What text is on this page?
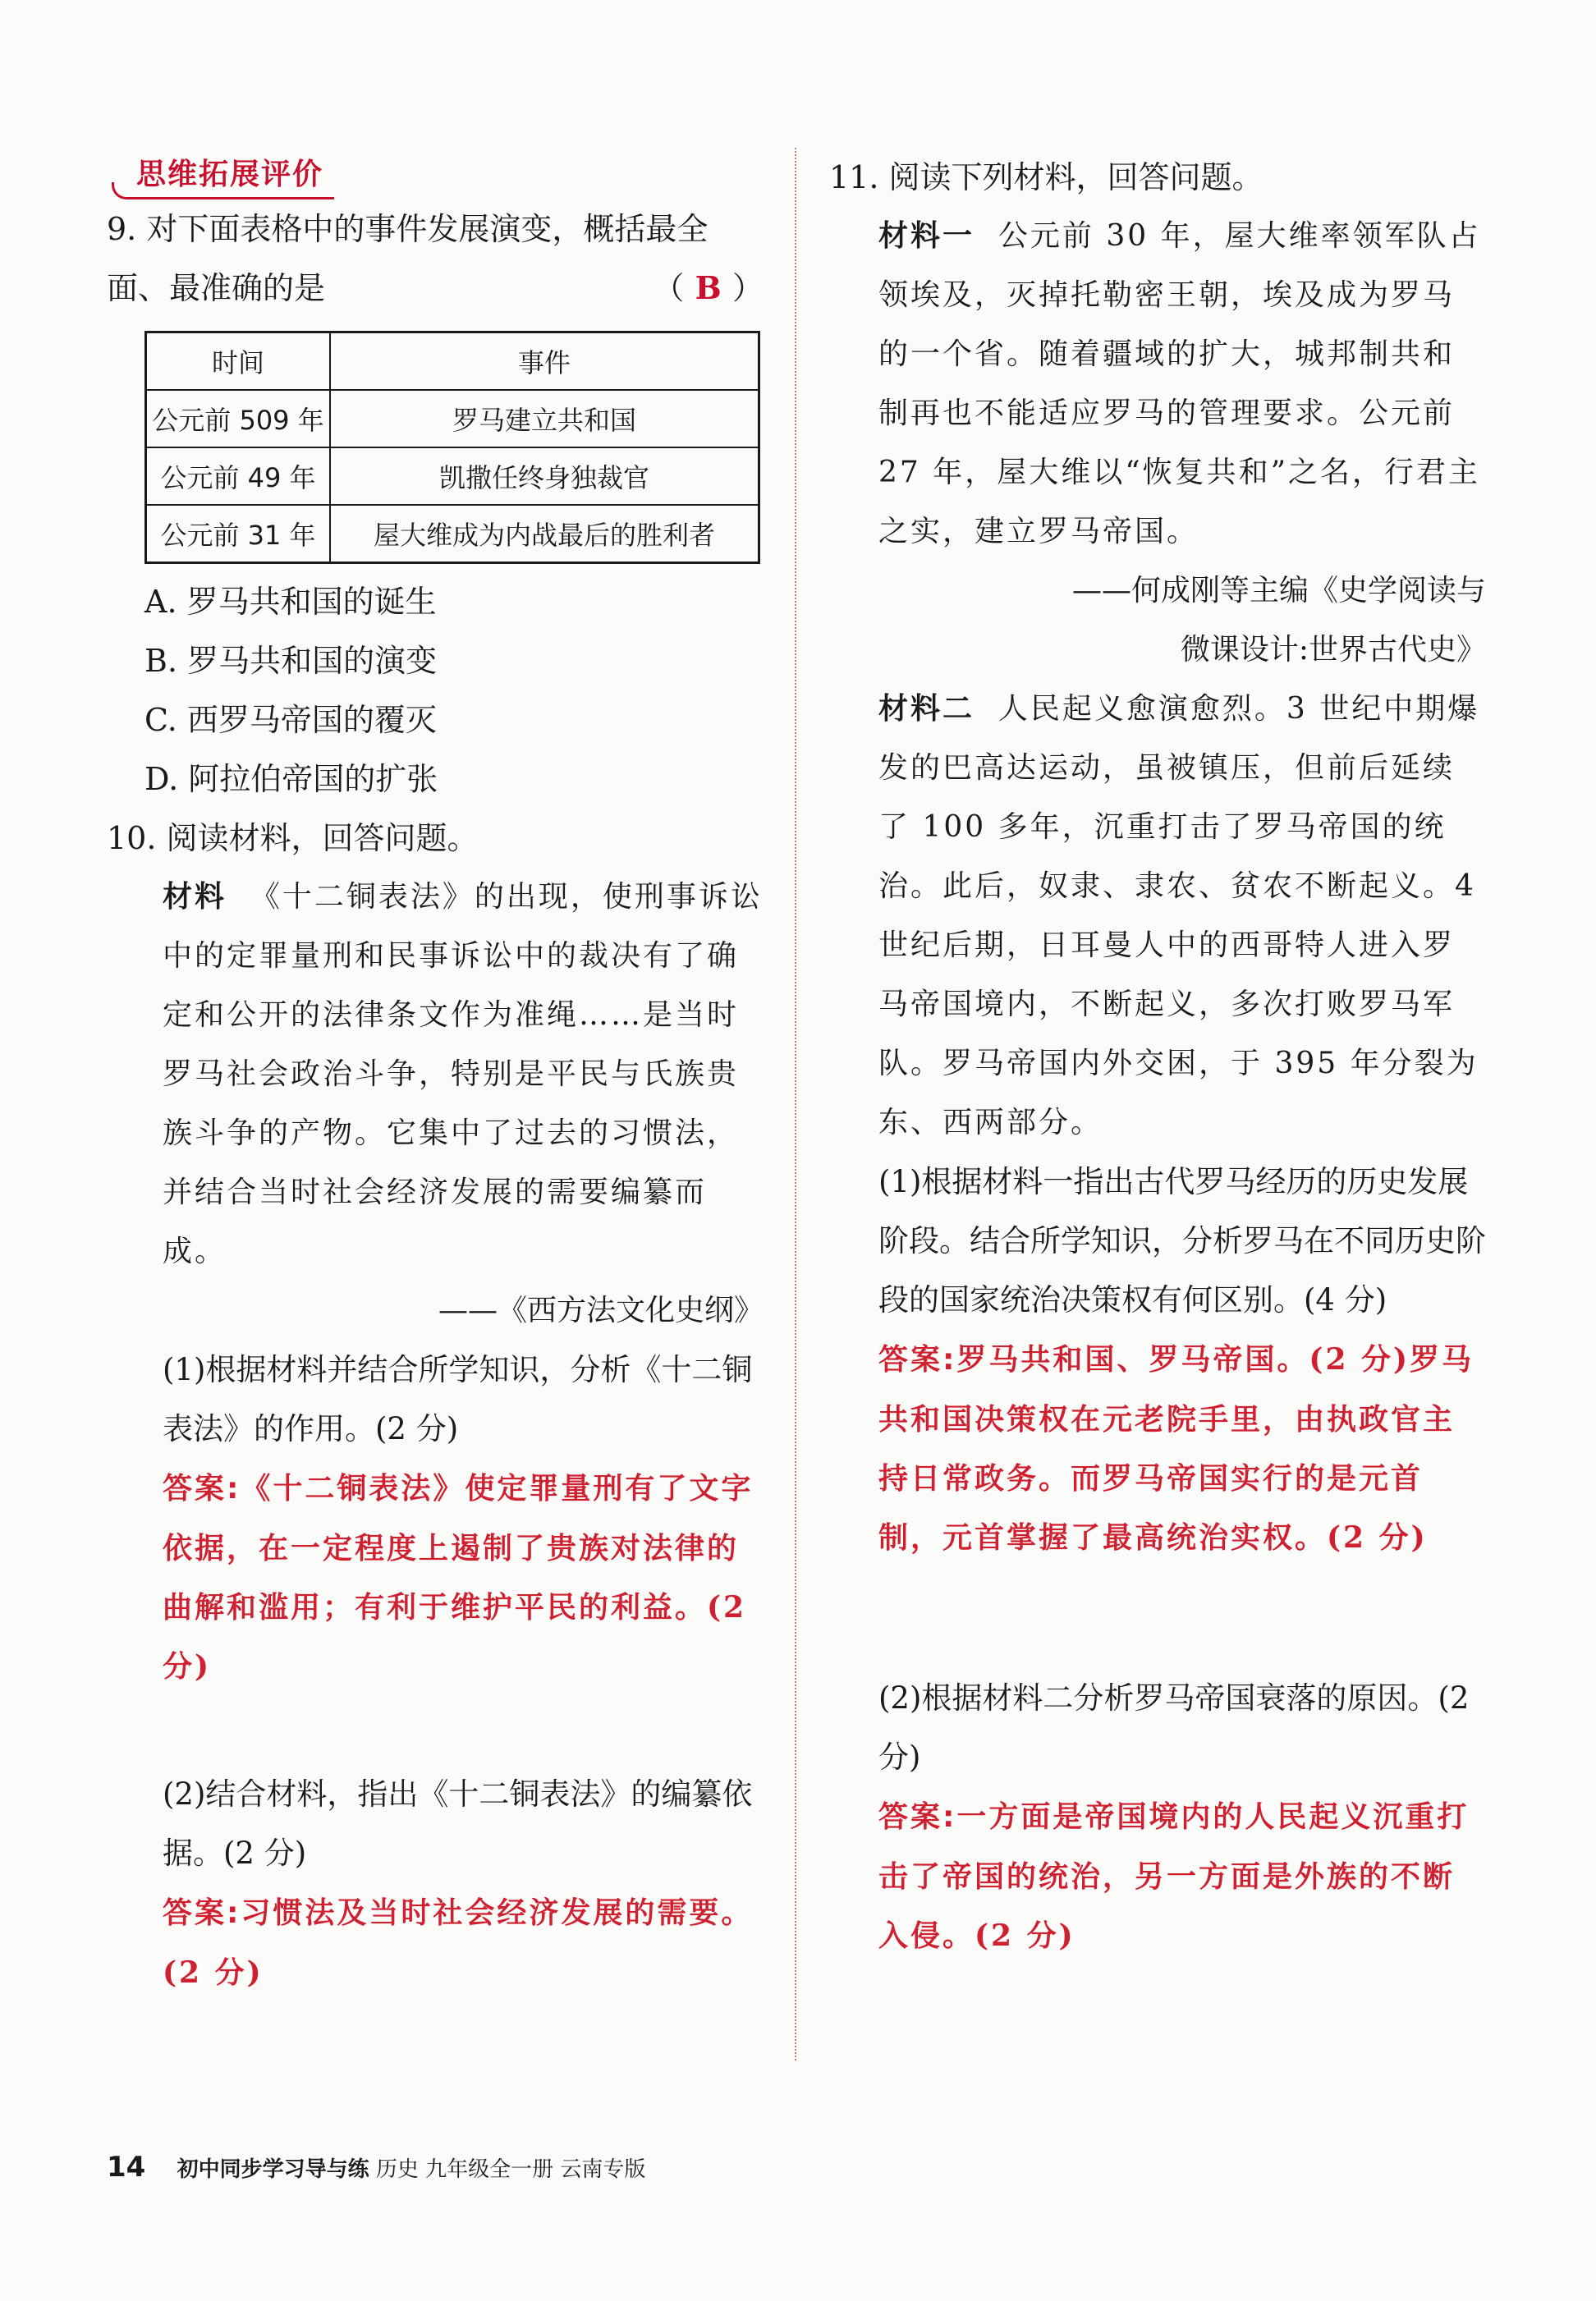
思维拓展评价

9. 对下面表格中的事件发展演变，概括最全

面、最准确的是	（ B ）

时间	事件
公元前 509 年	罗马建立共和国
公元前 49 年	凯撒任终身独裁官
公元前 31 年	屋大维成为内战最后的胜利者
A. 罗马共和国的诞生
B. 罗马共和国的演变
C. 西罗马帝国的覆灭
D. 阿拉伯帝国的扩张

10. 阅读材料，回答问题。

材料 《十二铜表法》的出现，使刑事诉讼中的定罪量刑和民事诉讼中的裁决有了确定和公开的法律条文作为准绳……是当时罗马社会政治斗争，特别是平民与氏族贵族斗争的产物。它集中了过去的习惯法，并结合当时社会经济发展的需要编纂而成。

——《西方法文化史纲》

(1)根据材料并结合所学知识，分析《十二铜表法》的作用。(2 分)

答案:《十二铜表法》使定罪量刑有了文字依据，在一定程度上遏制了贵族对法律的曲解和滥用；有利于维护平民的利益。(2 分)

(2)结合材料，指出《十二铜表法》的编纂依据。(2 分)

答案:习惯法及当时社会经济发展的需要。(2 分)

11. 阅读下列材料，回答问题。

材料一 公元前 30 年，屋大维率领军队占领埃及，灭掉托勒密王朝，埃及成为罗马的一个省。随着疆域的扩大，城邦制共和制再也不能适应罗马的管理要求。公元前 27 年，屋大维以“恢复共和”之名，行君主之实，建立罗马帝国。

——何成刚等主编《史学阅读与

微课设计:世界古代史》

材料二 人民起义愈演愈烈。3 世纪中期爆发的巴高达运动，虽被镇压，但前后延续了 100 多年，沉重打击了罗马帝国的统治。此后，奴隶、隶农、贫农不断起义。4 世纪后期，日耳曼人中的西哥特人进入罗马帝国境内，不断起义，多次打败罗马军队。罗马帝国内外交困，于 395 年分裂为东、西两部分。

(1)根据材料一指出古代罗马经历的历史发展阶段。结合所学知识，分析罗马在不同历史阶段的国家统治决策权有何区别。(4 分)

答案:罗马共和国、罗马帝国。(2 分)罗马共和国决策权在元老院手里，由执政官主持日常政务。而罗马帝国实行的是元首制，元首掌握了最高统治实权。(2 分)

(2)根据材料二分析罗马帝国衰落的原因。(2 分)

答案:一方面是帝国境内的人民起义沉重打击了帝国的统治，另一方面是外族的不断入侵。(2 分)

14 初中同步学习导与练 历史 九年级全一册 云南专版
